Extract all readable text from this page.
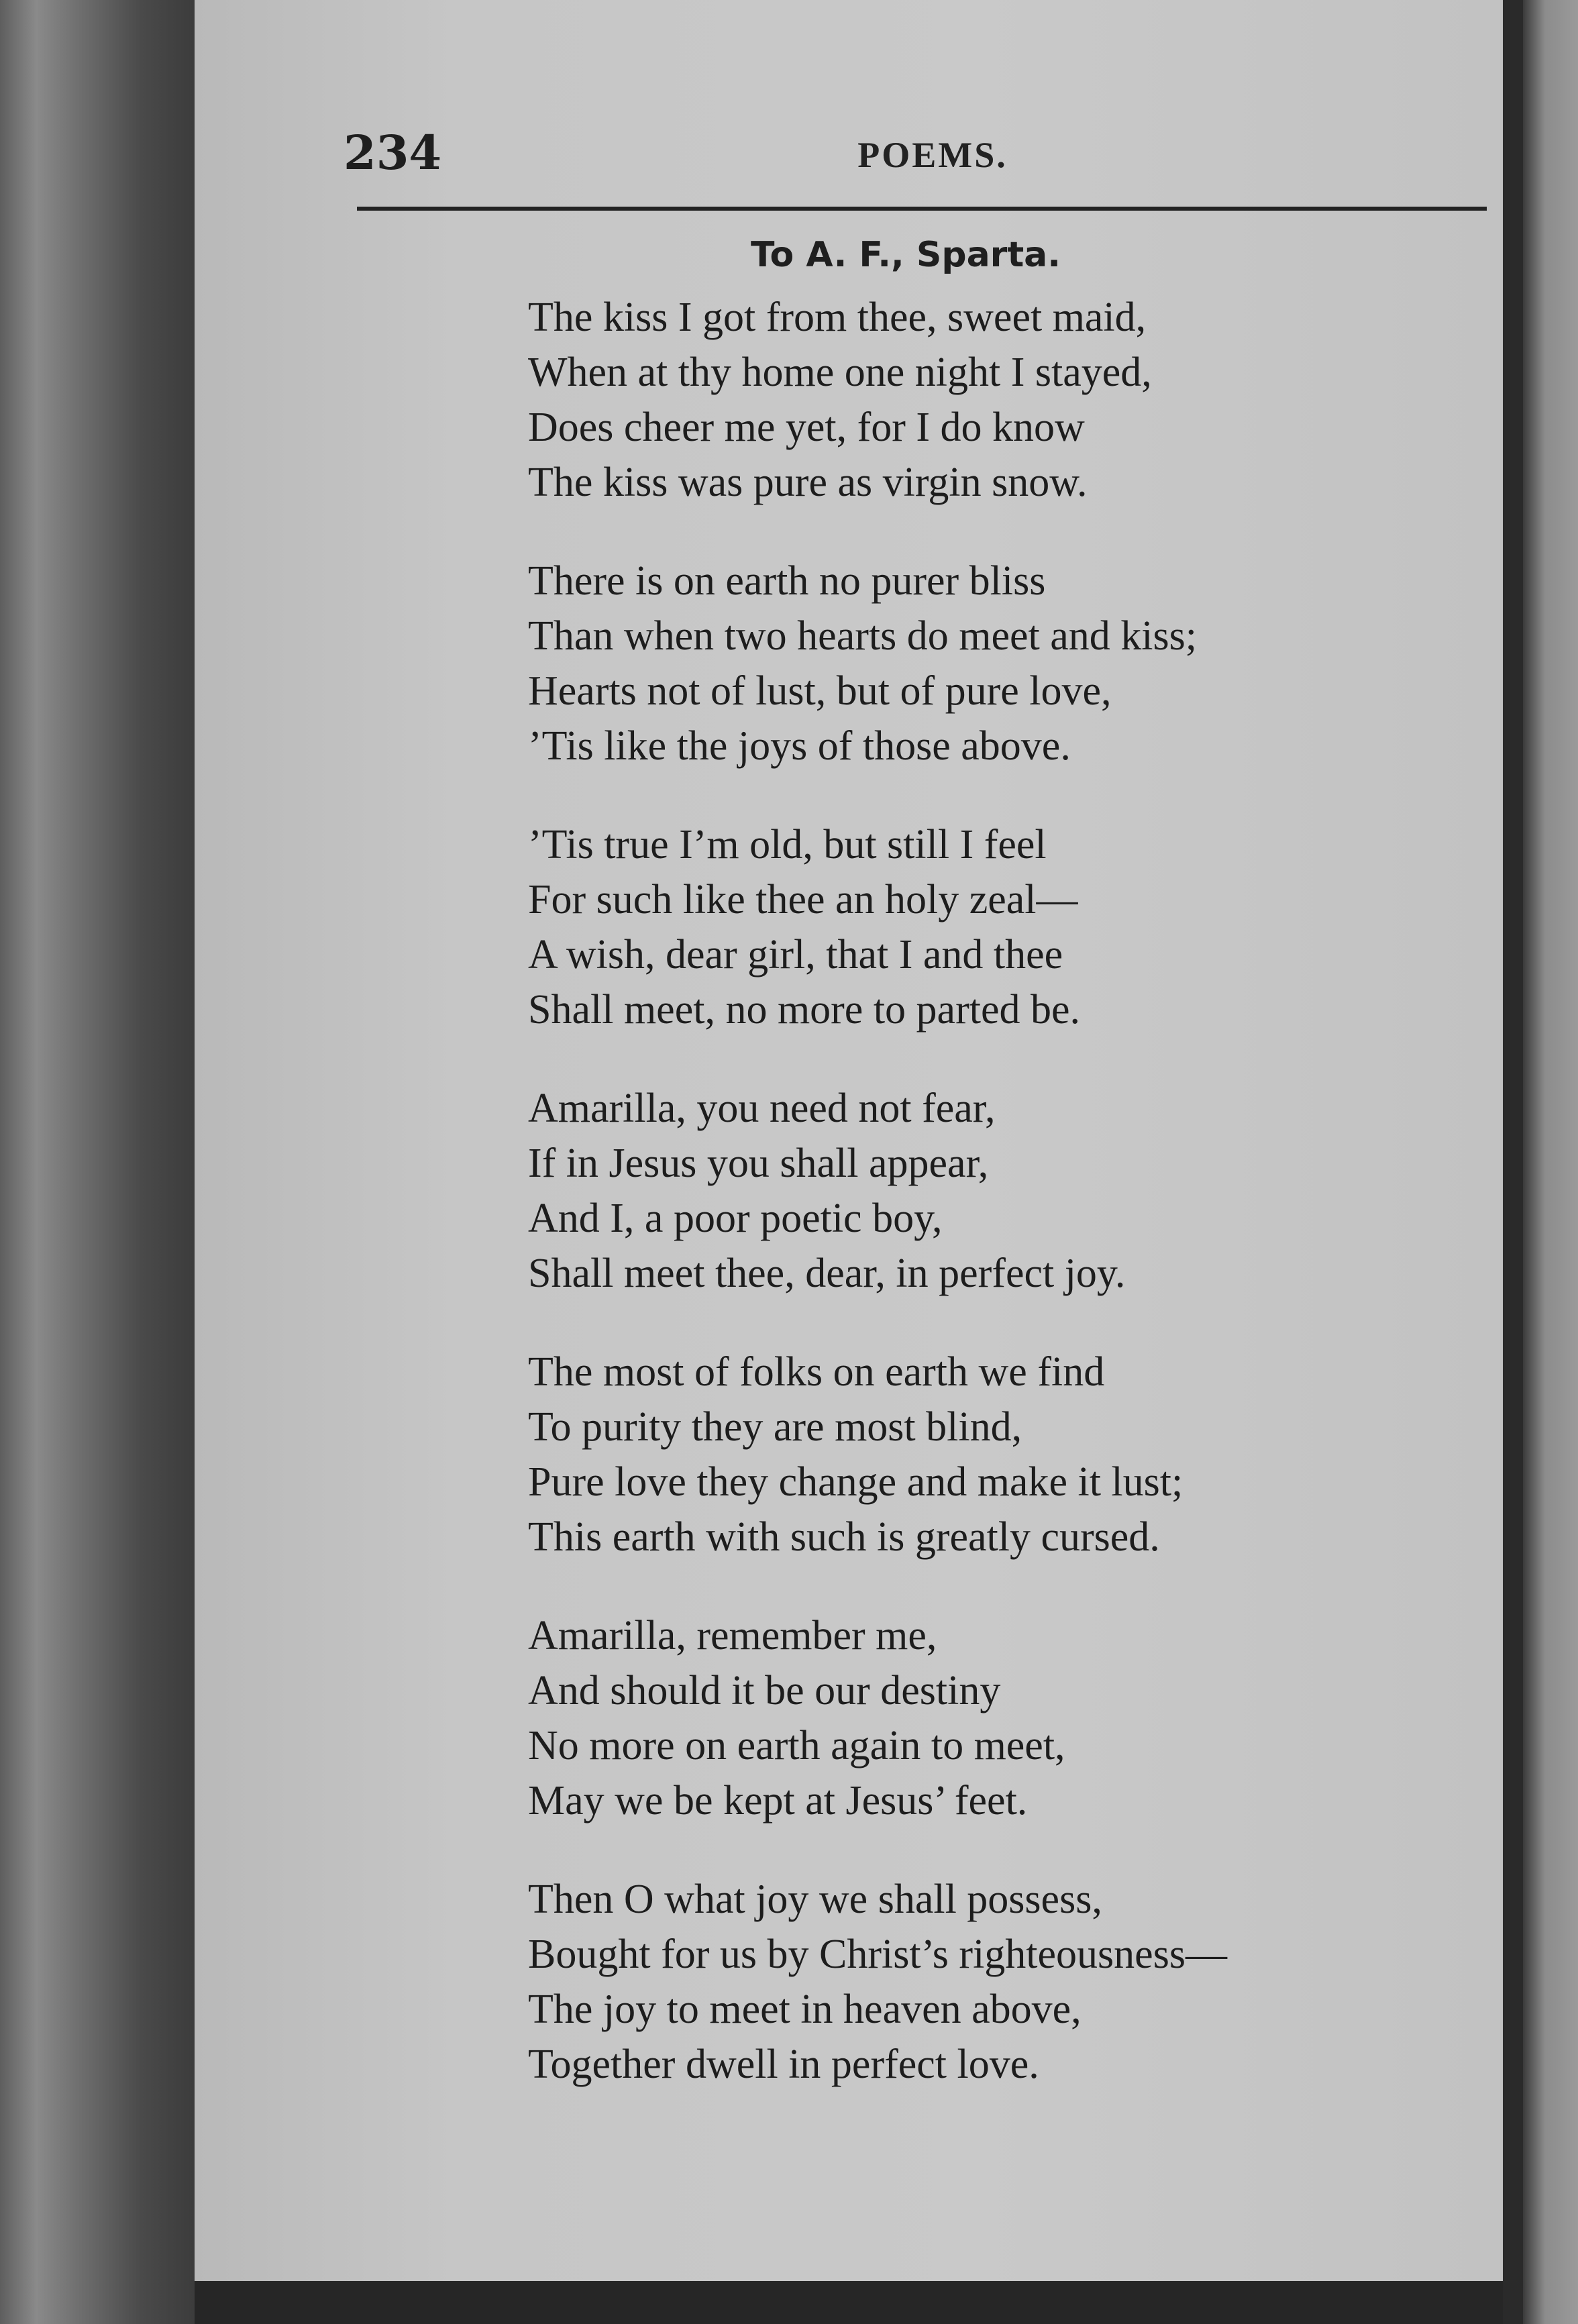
234	POEMS.
To A. F., Sparta.
The kiss I got from thee, sweet maid,
When at thy home one night I stayed,
Does cheer me yet, for I do know
The kiss was pure as virgin snow.
There is on earth no purer bliss
Than when two hearts do meet and kiss;
Hearts not of lust, but of pure love,
’Tis like the joys of those above.
’Tis true I’m old, but still I feel
For such like thee an holy zeal—
A wish, dear girl, that I and thee
Shall meet, no more to parted be.
Amarilla, you need not fear,
If in Jesus you shall appear,
And I, a poor poetic boy,
Shall meet thee, dear, in perfect joy.
The most of folks on earth we find
To purity they are most blind,
Pure love they change and make it lust;
This earth with such is greatly cursed.
Amarilla, remember me,
And should it be our destiny
No more on earth again to meet,
May we be kept at Jesus’ feet.
Then O what joy we shall possess,
Bought for us by Christ’s righteousness—
The joy to meet in heaven above,
Together dwell in perfect love.
